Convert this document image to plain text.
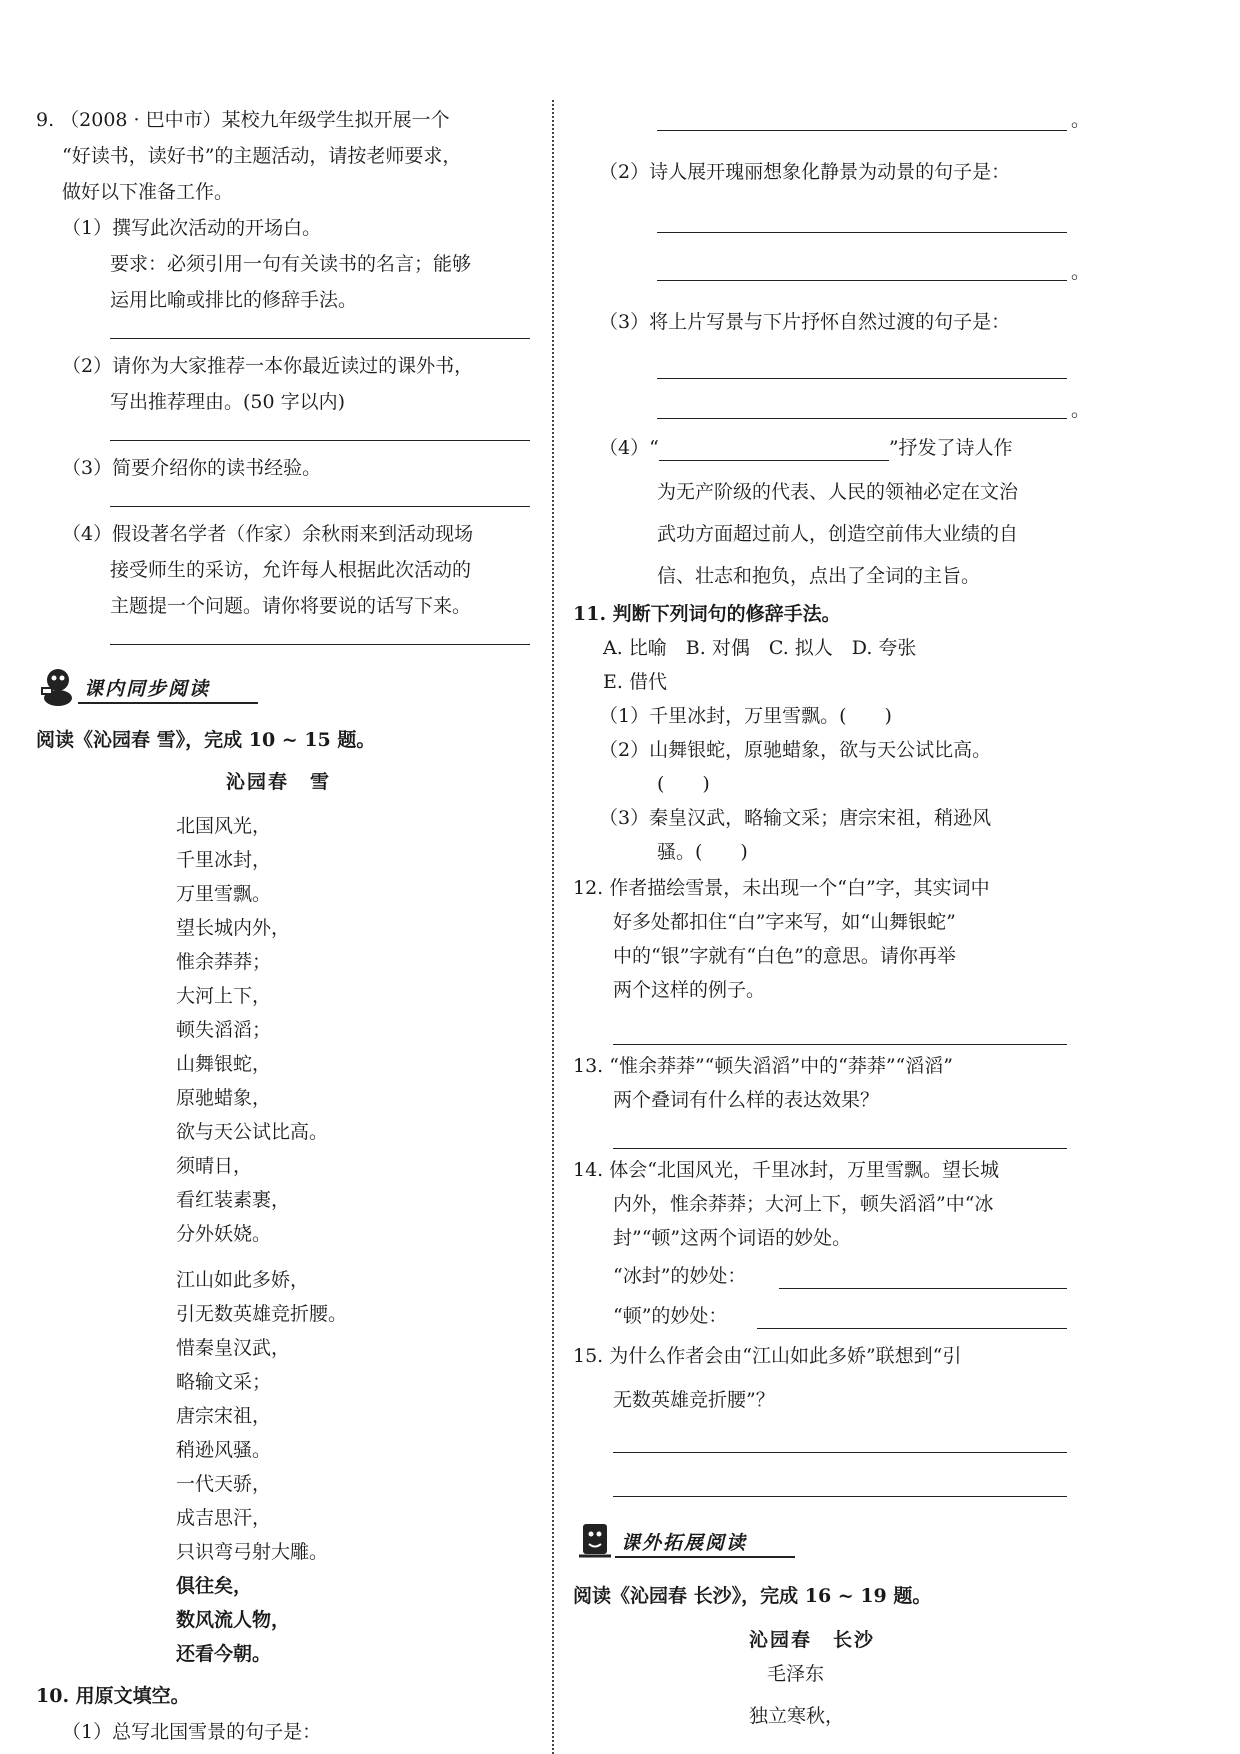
9. （2008 · 巴中市）某校九年级学生拟开展一个
“好读书，读好书”的主题活动，请按老师要求，
做好以下准备工作。
（1）撰写此次活动的开场白。
要求：必须引用一句有关读书的名言；能够
运用比喻或排比的修辞手法。
（2）请你为大家推荐一本你最近读过的课外书，
写出推荐理由。(50 字以内)
（3）简要介绍你的读书经验。
（4）假设著名学者（作家）余秋雨来到活动现场
接受师生的采访，允许每人根据此次活动的
主题提一个问题。请你将要说的话写下来。
课内同步阅读
阅读《沁园春 雪》，完成 10 ~ 15 题。
沁园春　雪
北国风光，
千里冰封，
万里雪飘。
望长城内外，
惟余莽莽；
大河上下，
顿失滔滔；
山舞银蛇，
原驰蜡象，
欲与天公试比高。
须晴日，
看红装素裹，
分外妖娆。
江山如此多娇，
引无数英雄竞折腰。
惜秦皇汉武，
略输文采；
唐宗宋祖，
稍逊风骚。
一代天骄，
成吉思汗，
只识弯弓射大雕。
俱往矣，
数风流人物，
还看今朝。
10. 用原文填空。
（1）总写北国雪景的句子是：
。
（2）诗人展开瑰丽想象化静景为动景的句子是：
。
（3）将上片写景与下片抒怀自然过渡的句子是：
。
（4）“	”抒发了诗人作
为无产阶级的代表、人民的领袖必定在文治
武功方面超过前人，创造空前伟大业绩的自
信、壮志和抱负，点出了全词的主旨。
11. 判断下列词句的修辞手法。
A. 比喻　B. 对偶　C. 拟人　D. 夸张
E. 借代
（1）千里冰封，万里雪飘。(　　)
（2）山舞银蛇，原驰蜡象，欲与天公试比高。
(　　)
（3）秦皇汉武，略输文采；唐宗宋祖，稍逊风
骚。(　　)
12. 作者描绘雪景，未出现一个“白”字，其实词中
好多处都扣住“白”字来写，如“山舞银蛇”
中的“银”字就有“白色”的意思。请你再举
两个这样的例子。
13. “惟余莽莽”“顿失滔滔”中的“莽莽”“滔滔”
两个叠词有什么样的表达效果？
14. 体会“北国风光，千里冰封，万里雪飘。望长城
内外，惟余莽莽；大河上下，顿失滔滔”中“冰
封”“顿”这两个词语的妙处。
“冰封”的妙处：
“顿”的妙处：
15. 为什么作者会由“江山如此多娇”联想到“引
无数英雄竞折腰”？
课外拓展阅读
阅读《沁园春 长沙》，完成 16 ~ 19 题。
沁园春　长沙
毛泽东
独立寒秋，
